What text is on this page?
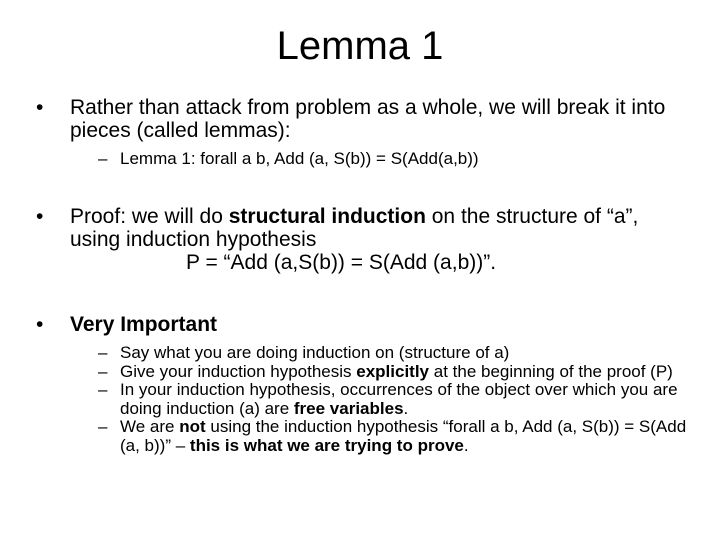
Lemma 1
•	Rather than attack from problem as a whole, we will break it into pieces (called lemmas):
– Lemma 1: forall a b, Add (a, S(b)) = S(Add(a,b))
•	Proof: we will do structural induction on the structure of “a”, using induction hypothesis
P = “Add (a,S(b)) = S(Add (a,b))”.
•	Very Important
– Say what you are doing induction on (structure of a)
– Give your induction hypothesis explicitly at the beginning of the proof (P)
– In your induction hypothesis, occurrences of the object over which you are doing induction (a) are free variables.
– We are not using the induction hypothesis “forall a b, Add (a, S(b)) = S(Add (a, b))” – this is what we are trying to prove.
